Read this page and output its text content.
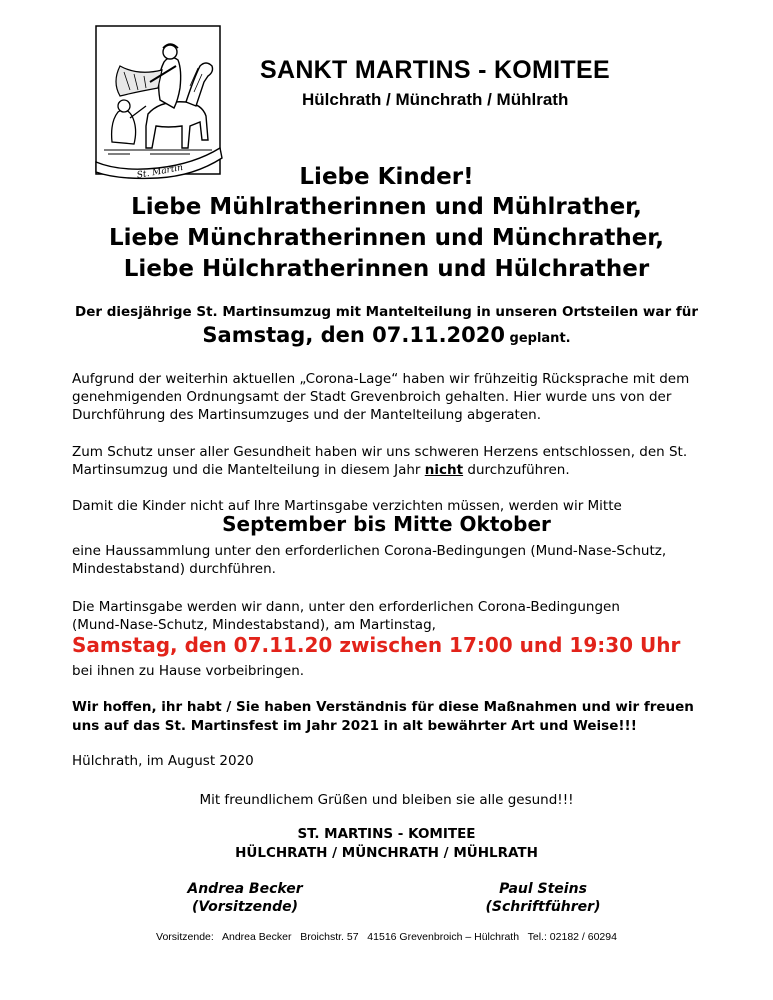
St. Martin
SANKT MARTINS - KOMITEE
Hülchrath / Münchrath / Mühlrath
Liebe Kinder!
Liebe Mühlratherinnen und Mühlrather,
Liebe Münchratherinnen und Münchrather,
Liebe Hülchratherinnen und Hülchrather
Der diesjährige St. Martinsumzug mit Mantelteilung in unseren Ortsteilen war für
Samstag, den 07.11.2020 geplant.

Aufgrund der weiterhin aktuellen „Corona-Lage“ haben wir frühzeitig Rücksprache mit dem

genehmigenden Ordnungsamt der Stadt Grevenbroich gehalten. Hier wurde uns von der

Durchführung des Martinsumzuges und der Mantelteilung abgeraten.

Zum Schutz unser aller Gesundheit haben wir uns schweren Herzens entschlossen, den St.

Martinsumzug und die Mantelteilung in diesem Jahr nicht durchzuführen.

Damit die Kinder nicht auf Ihre Martinsgabe verzichten müssen, werden wir Mitte
September bis Mitte Oktober

eine Haussammlung unter den erforderlichen Corona-Bedingungen (Mund-Nase-Schutz,

Mindestabstand) durchführen.

Die Martinsgabe werden wir dann, unter den erforderlichen Corona-Bedingungen

(Mund-Nase-Schutz, Mindestabstand), am Martinstag,

Samstag, den 07.11.20 zwischen 17:00 und 19:30 Uhr
bei ihnen zu Hause vorbeibringen.
Wir hoffen, ihr habt / Sie haben Verständnis für diese Maßnahmen und wir freuen
uns auf das St. Martinsfest im Jahr 2021 in alt bewährter Art und Weise!!!
Hülchrath, im August 2020
Mit freundlichem Grüßen und bleiben sie alle gesund!!!
ST. MARTINS - KOMITEE
HÜLCHRATH / MÜNCHRATH / MÜHLRATH
Andrea Becker
(Vorsitzende)
Paul Steins
(Schriftführer)
Vorsitzende:   Andrea Becker   Broichstr. 57   41516 Grevenbroich – Hülchrath   Tel.: 02182 / 60294
